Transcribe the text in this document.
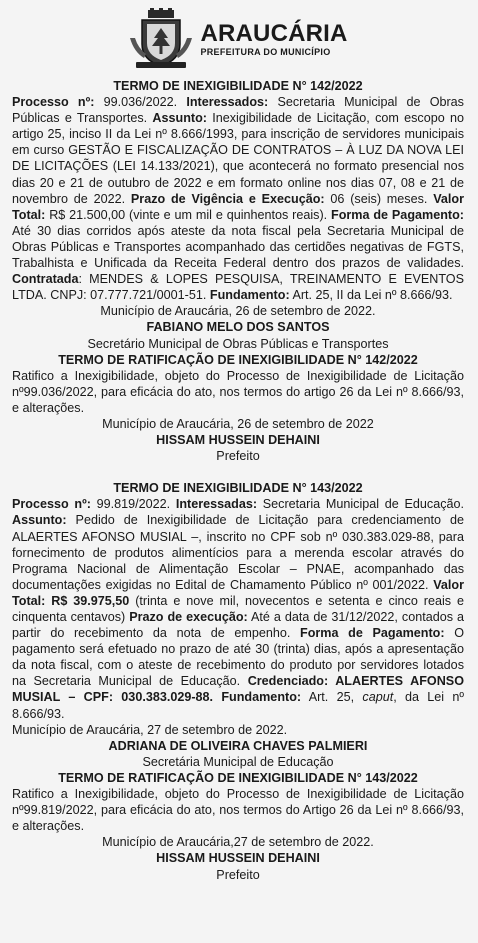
ARAUCÁRIA
PREFEITURA DO MUNICÍPIO
TERMO DE INEXIGIBILIDADE N° 142/2022
Processo nº: 99.036/2022. Interessados: Secretaria Municipal de Obras Públicas e Transportes. Assunto: Inexigibilidade de Licitação, com escopo no artigo 25, inciso II da Lei nº 8.666/1993, para inscrição de servidores municipais em curso GESTÃO E FISCALIZAÇÃO DE CONTRATOS – À LUZ DA NOVA LEI DE LICITAÇÕES (LEI 14.133/2021), que acontecerá no formato presencial nos dias 20 e 21 de outubro de 2022 e em formato online nos dias 07, 08 e 21 de novembro de 2022. Prazo de Vigência e Execução: 06 (seis) meses. Valor Total: R$ 21.500,00 (vinte e um mil e quinhentos reais). Forma de Pagamento: Até 30 dias corridos após ateste da nota fiscal pela Secretaria Municipal de Obras Públicas e Transportes acompanhado das certidões negativas de FGTS, Trabalhista e Unificada da Receita Federal dentro dos prazos de validades. Contratada: MENDES & LOPES PESQUISA, TREINAMENTO E EVENTOS LTDA. CNPJ: 07.777.721/0001-51. Fundamento: Art. 25, II da Lei nº 8.666/93.
Município de Araucária, 26 de setembro de 2022.
FABIANO MELO DOS SANTOS
Secretário Municipal de Obras Públicas e Transportes
TERMO DE RATIFICAÇÃO DE INEXIGIBILIDADE N° 142/2022
Ratifico a Inexigibilidade, objeto do Processo de Inexigibilidade de Licitação nº99.036/2022, para eficácia do ato, nos termos do artigo 26 da Lei nº 8.666/93, e alterações.
Município de Araucária, 26 de setembro de 2022
HISSAM HUSSEIN DEHAINI
Prefeito
TERMO DE INEXIGIBILIDADE N° 143/2022
Processo nº: 99.819/2022. Interessadas: Secretaria Municipal de Educação. Assunto: Pedido de Inexigibilidade de Licitação para credenciamento de ALAERTES AFONSO MUSIAL –, inscrito no CPF sob nº 030.383.029-88, para fornecimento de produtos alimentícios para a merenda escolar através do Programa Nacional de Alimentação Escolar – PNAE, acompanhado das documentações exigidas no Edital de Chamamento Público nº 001/2022. Valor Total: R$ 39.975,50 (trinta e nove mil, novecentos e setenta e cinco reais e cinquenta centavos) Prazo de execução: Até a data de 31/12/2022, contados a partir do recebimento da nota de empenho. Forma de Pagamento: O pagamento será efetuado no prazo de até 30 (trinta) dias, após a apresentação da nota fiscal, com o ateste de recebimento do produto por servidores lotados na Secretaria Municipal de Educação. Credenciado: ALAERTES AFONSO MUSIAL – CPF: 030.383.029-88. Fundamento: Art. 25, caput, da Lei nº 8.666/93.
Município de Araucária, 27 de setembro de 2022.
ADRIANA DE OLIVEIRA CHAVES PALMIERI
Secretária Municipal de Educação
TERMO DE RATIFICAÇÃO DE INEXIGIBILIDADE N° 143/2022
Ratifico a Inexigibilidade, objeto do Processo de Inexigibilidade de Licitação nº99.819/2022, para eficácia do ato, nos termos do Artigo 26 da Lei nº 8.666/93, e alterações.
Município de Araucária,27 de setembro de 2022.
HISSAM HUSSEIN DEHAINI
Prefeito
